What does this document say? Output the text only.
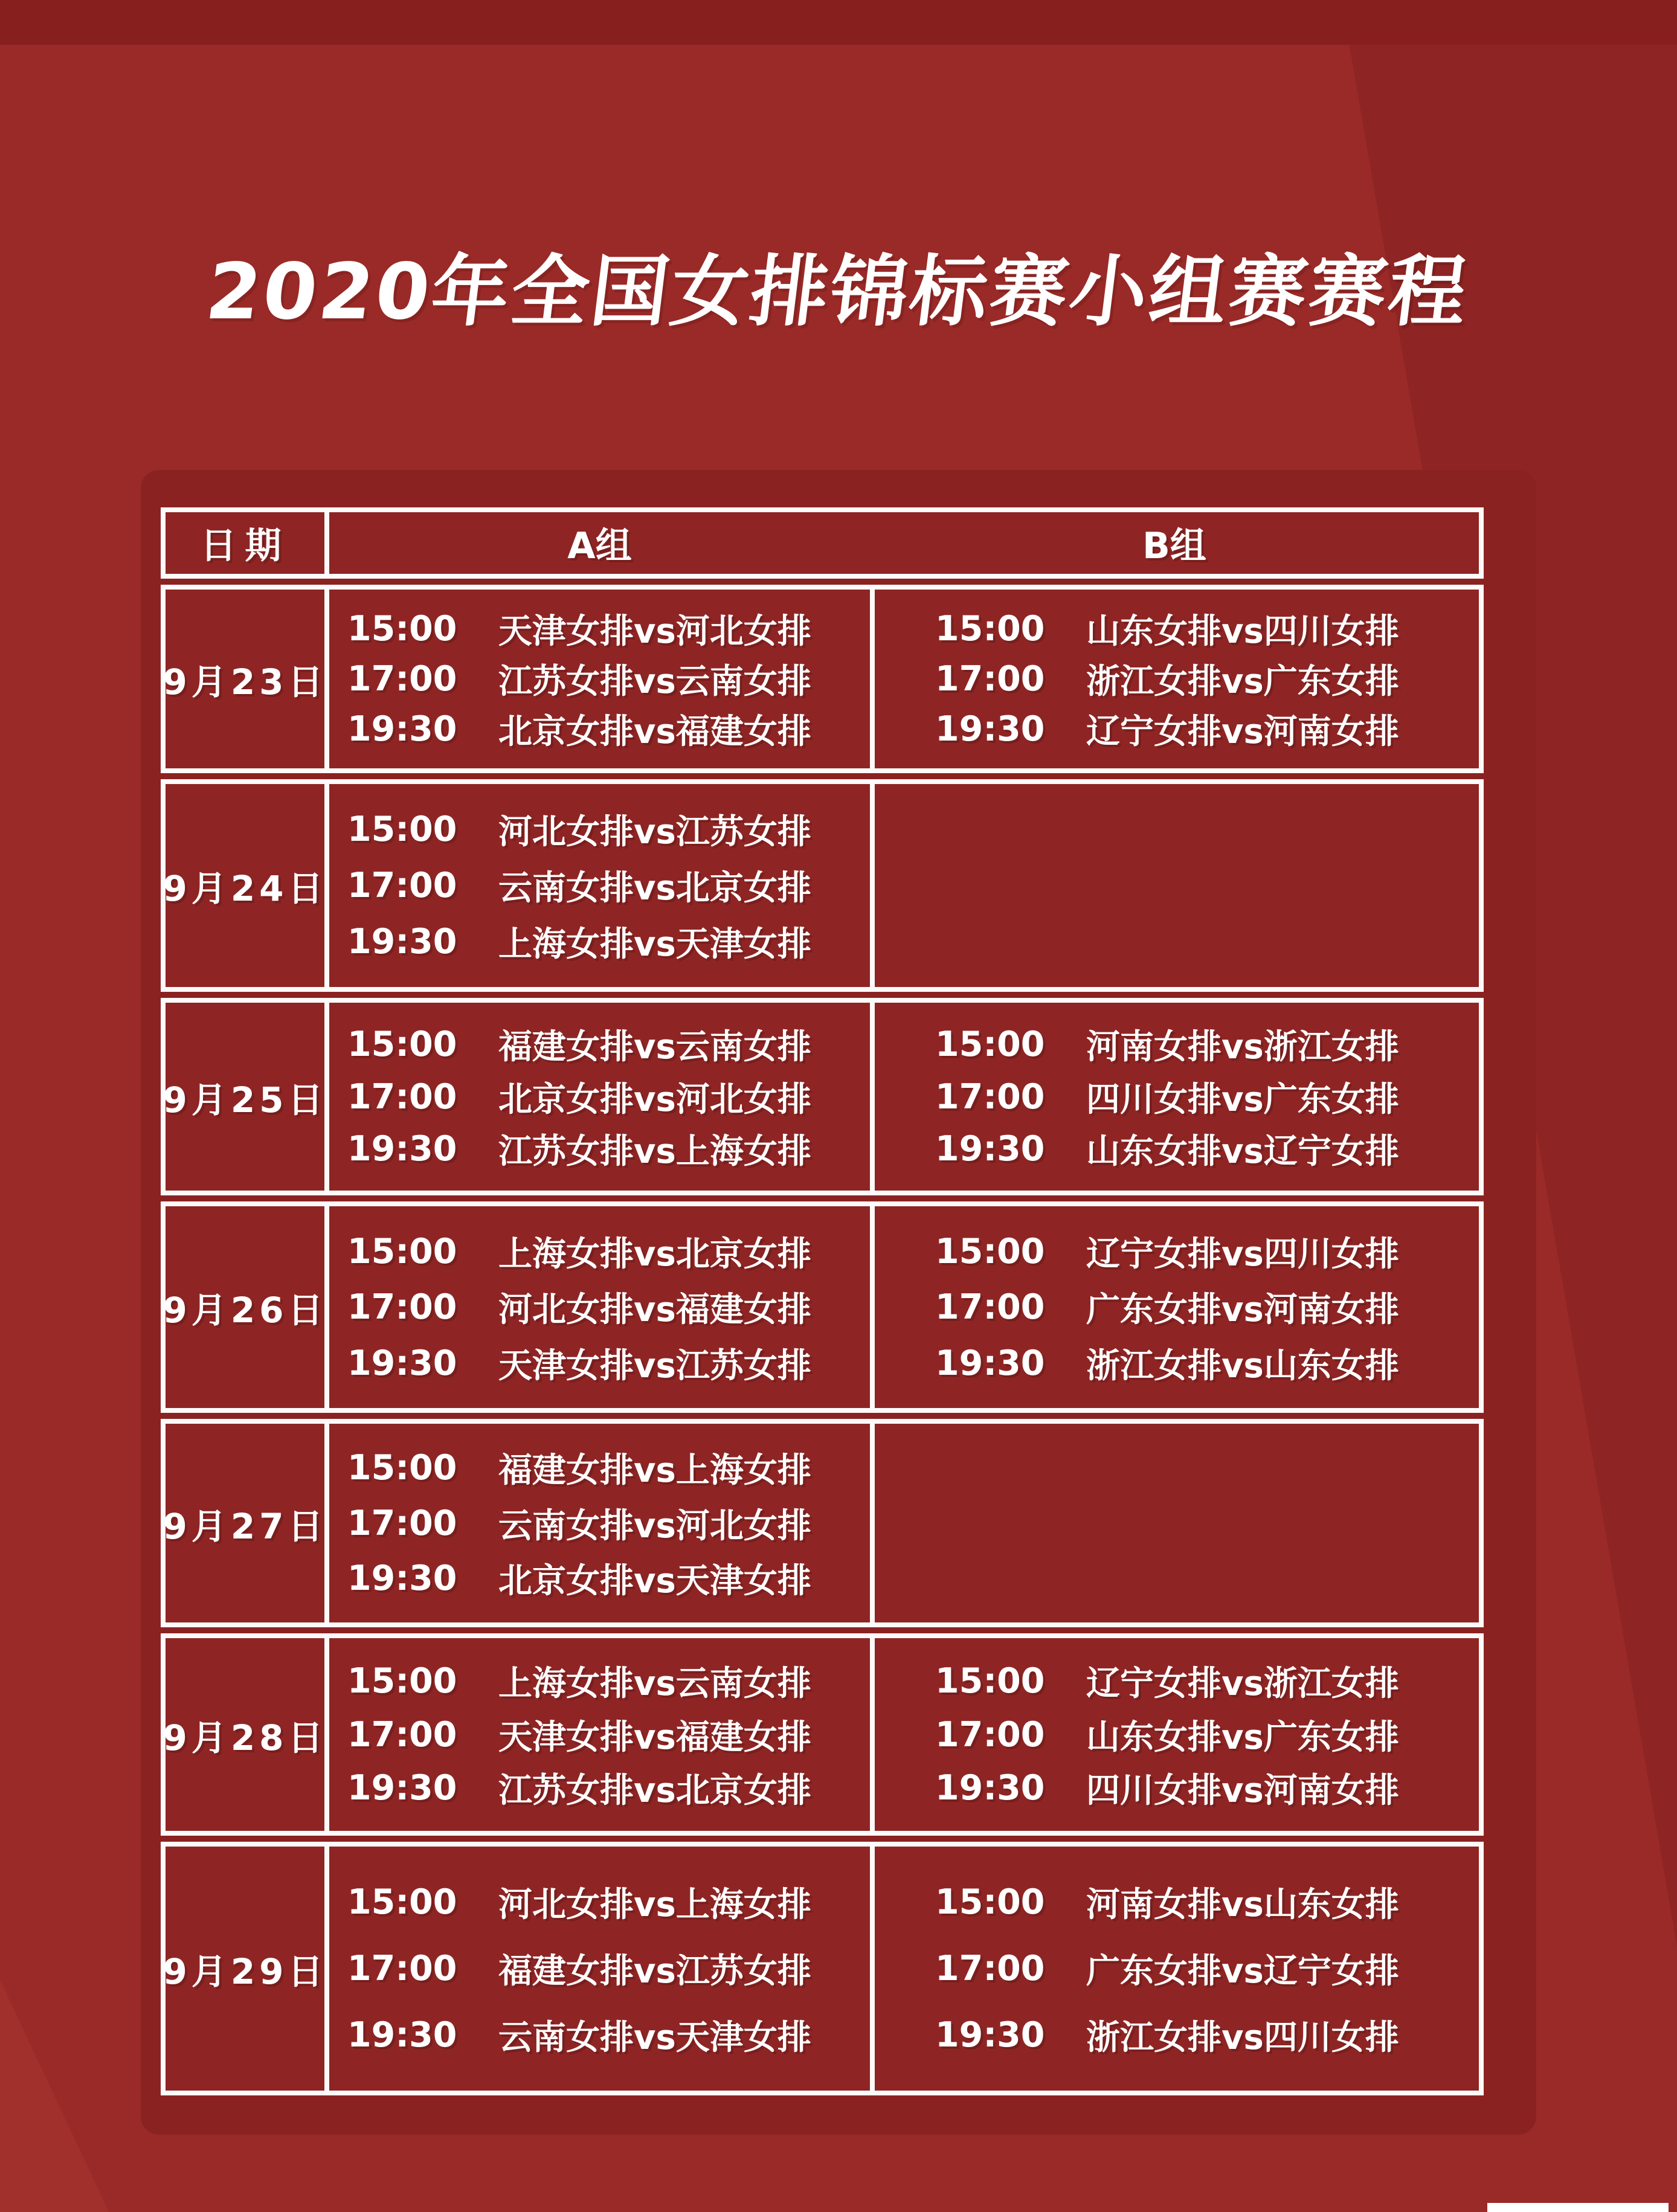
2020年全国女排锦标赛小组赛赛程
日期	A组	B组
9月23日
15:00 天津女排vs河北女排
17:00 江苏女排vs云南女排
19:30 北京女排vs福建女排
15:00 山东女排vs四川女排
17:00 浙江女排vs广东女排
19:30 辽宁女排vs河南女排
9月24日
15:00 河北女排vs江苏女排
17:00 云南女排vs北京女排
19:30 上海女排vs天津女排
9月25日
15:00 福建女排vs云南女排
17:00 北京女排vs河北女排
19:30 江苏女排vs上海女排
15:00 河南女排vs浙江女排
17:00 四川女排vs广东女排
19:30 山东女排vs辽宁女排
9月26日
15:00 上海女排vs北京女排
17:00 河北女排vs福建女排
19:30 天津女排vs江苏女排
15:00 辽宁女排vs四川女排
17:00 广东女排vs河南女排
19:30 浙江女排vs山东女排
9月27日
15:00 福建女排vs上海女排
17:00 云南女排vs河北女排
19:30 北京女排vs天津女排
9月28日
15:00 上海女排vs云南女排
17:00 天津女排vs福建女排
19:30 江苏女排vs北京女排
15:00 辽宁女排vs浙江女排
17:00 山东女排vs广东女排
19:30 四川女排vs河南女排
9月29日
15:00 河北女排vs上海女排
17:00 福建女排vs江苏女排
19:30 云南女排vs天津女排
15:00 河南女排vs山东女排
17:00 广东女排vs辽宁女排
19:30 浙江女排vs四川女排
